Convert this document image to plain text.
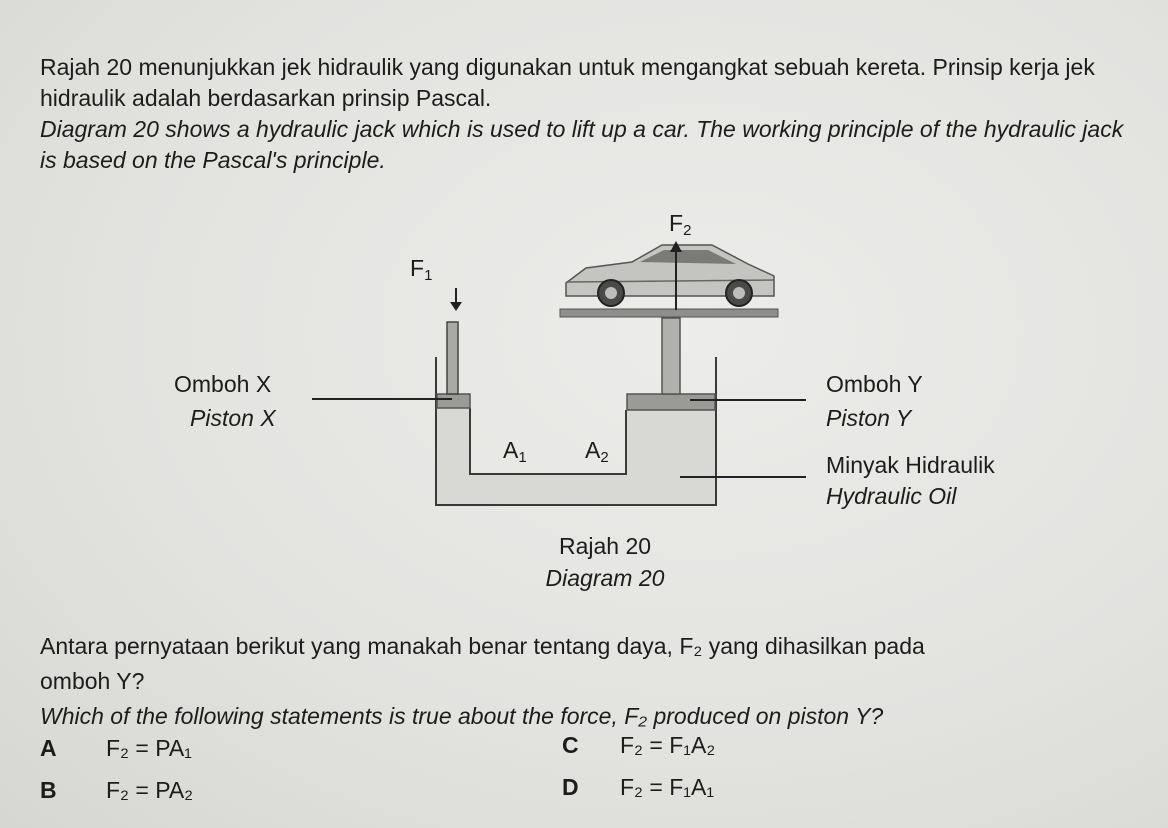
Rajah 20 menunjukkan jek hidraulik yang digunakan untuk mengangkat sebuah kereta. Prinsip kerja jek hidraulik adalah berdasarkan prinsip Pascal.

Diagram 20 shows a hydraulic jack which is used to lift up a car. The working principle of the hydraulic jack is based on the Pascal's principle.

$F_1$
$F_2$
$A_1$	$A_2$
Omboh X
Piston X
Omboh Y
Piston Y
Minyak Hidraulik
Hydraulic Oil
Rajah 20
Diagram 20
Antara pernyataan berikut yang manakah benar tentang daya, F₂ yang dihasilkan pada
omboh Y?
Which of the following statements is true about the force, F₂ produced on piston Y?
A F₂ = PA₁
B F₂ = PA₂
C F₂ = F₁A₂
D F₂ = F₁A₁
